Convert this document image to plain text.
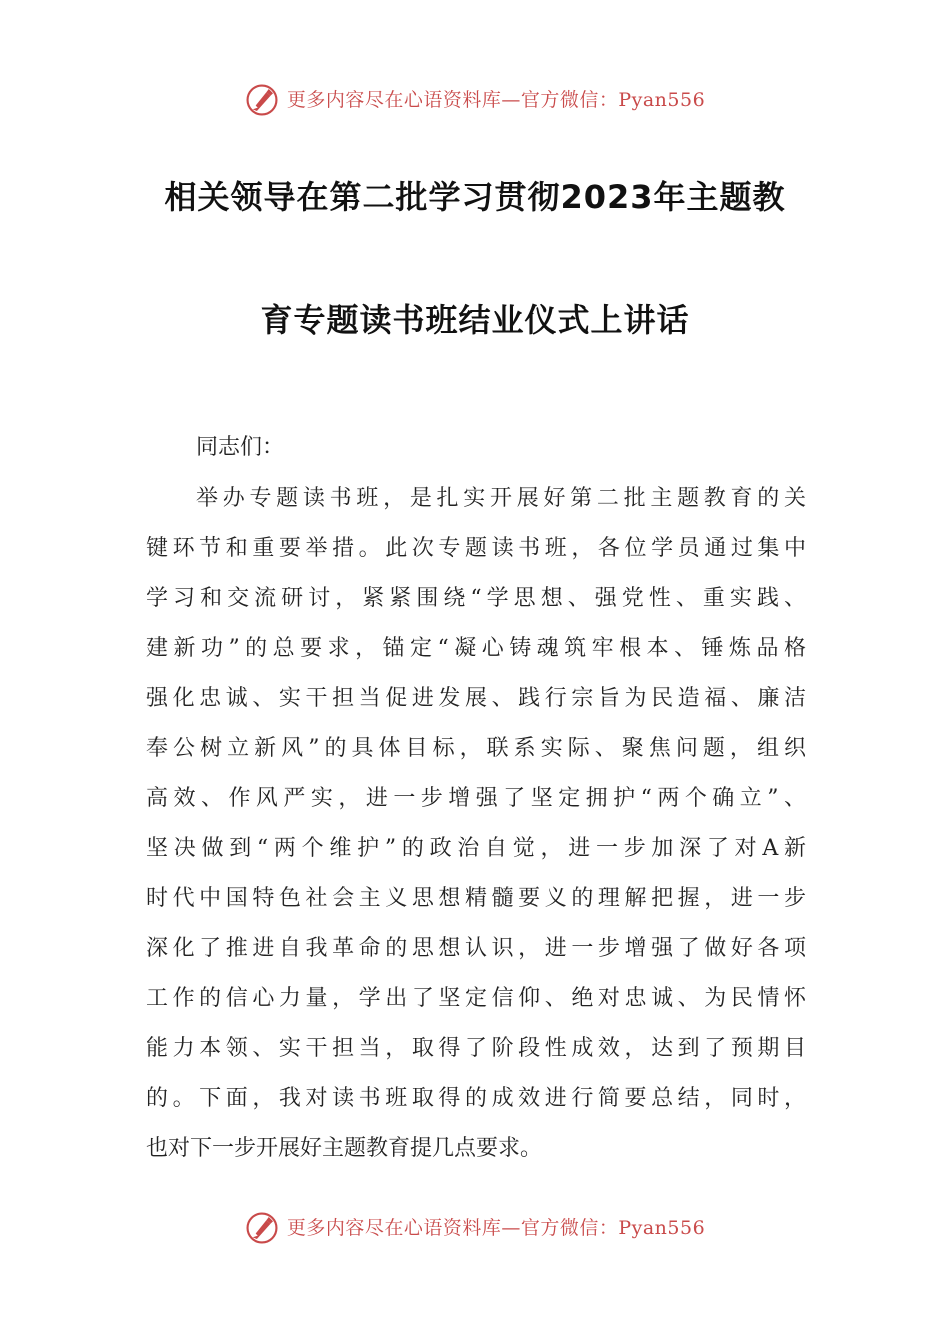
更多内容尽在心语资料库—官方微信：Pyan556
相关领导在第二批学习贯彻2023年主题教
育专题读书班结业仪式上讲话
同志们：
举办专题读书班，是扎实开展好第二批主题教育的关
键环节和重要举措。此次专题读书班，各位学员通过集中
学习和交流研讨，紧紧围绕“学思想、强党性、重实践、
建新功”的总要求，锚定“凝心铸魂筑牢根本、锤炼品格
强化忠诚、实干担当促进发展、践行宗旨为民造福、廉洁
奉公树立新风”的具体目标，联系实际、聚焦问题，组织
高效、作风严实，进一步增强了坚定拥护“两个确立”、
坚决做到“两个维护”的政治自觉，进一步加深了对A新
时代中国特色社会主义思想精髓要义的理解把握，进一步
深化了推进自我革命的思想认识，进一步增强了做好各项
工作的信心力量，学出了坚定信仰、绝对忠诚、为民情怀
能力本领、实干担当，取得了阶段性成效，达到了预期目
的。下面，我对读书班取得的成效进行简要总结，同时，
也对下一步开展好主题教育提几点要求。
更多内容尽在心语资料库—官方微信：Pyan556
